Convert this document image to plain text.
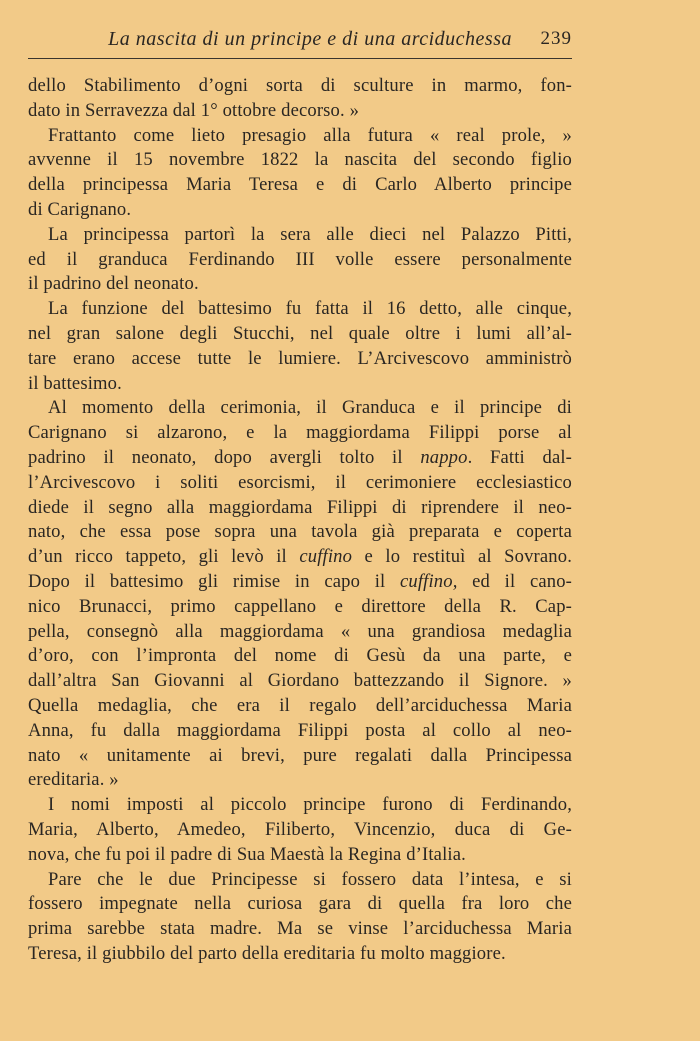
La nascita di un principe e di una arciduchessa 239
dello Stabilimento d’ogni sorta di sculture in marmo, fon-
dato in Serravezza dal 1° ottobre decorso. »
Frattanto come lieto presagio alla futura « real prole, »
avvenne il 15 novembre 1822 la nascita del secondo figlio
della principessa Maria Teresa e di Carlo Alberto principe
di Carignano.
La principessa partorì la sera alle dieci nel Palazzo Pitti,
ed il granduca Ferdinando III volle essere personalmente
il padrino del neonato.
La funzione del battesimo fu fatta il 16 detto, alle cinque,
nel gran salone degli Stucchi, nel quale oltre i lumi all’al-
tare erano accese tutte le lumiere. L’Arcivescovo amministrò
il battesimo.
Al momento della cerimonia, il Granduca e il principe di
Carignano si alzarono, e la maggiordama Filippi porse al
padrino il neonato, dopo avergli tolto il nappo. Fatti dal-
l’Arcivescovo i soliti esorcismi, il cerimoniere ecclesiastico
diede il segno alla maggiordama Filippi di riprendere il neo-
nato, che essa pose sopra una tavola già preparata e coperta
d’un ricco tappeto, gli levò il cuffino e lo restituì al Sovrano.
Dopo il battesimo gli rimise in capo il cuffino, ed il cano-
nico Brunacci, primo cappellano e direttore della R. Cap-
pella, consegnò alla maggiordama « una grandiosa medaglia
d’oro, con l’impronta del nome di Gesù da una parte, e
dall’altra San Giovanni al Giordano battezzando il Signore. »
Quella medaglia, che era il regalo dell’arciduchessa Maria
Anna, fu dalla maggiordama Filippi posta al collo al neo-
nato « unitamente ai brevi, pure regalati dalla Principessa
ereditaria. »
I nomi imposti al piccolo principe furono di Ferdinando,
Maria, Alberto, Amedeo, Filiberto, Vincenzio, duca di Ge-
nova, che fu poi il padre di Sua Maestà la Regina d’Italia.
Pare che le due Principesse si fossero data l’intesa, e si
fossero impegnate nella curiosa gara di quella fra loro che
prima sarebbe stata madre. Ma se vinse l’arciduchessa Maria
Teresa, il giubbilo del parto della ereditaria fu molto maggiore.
